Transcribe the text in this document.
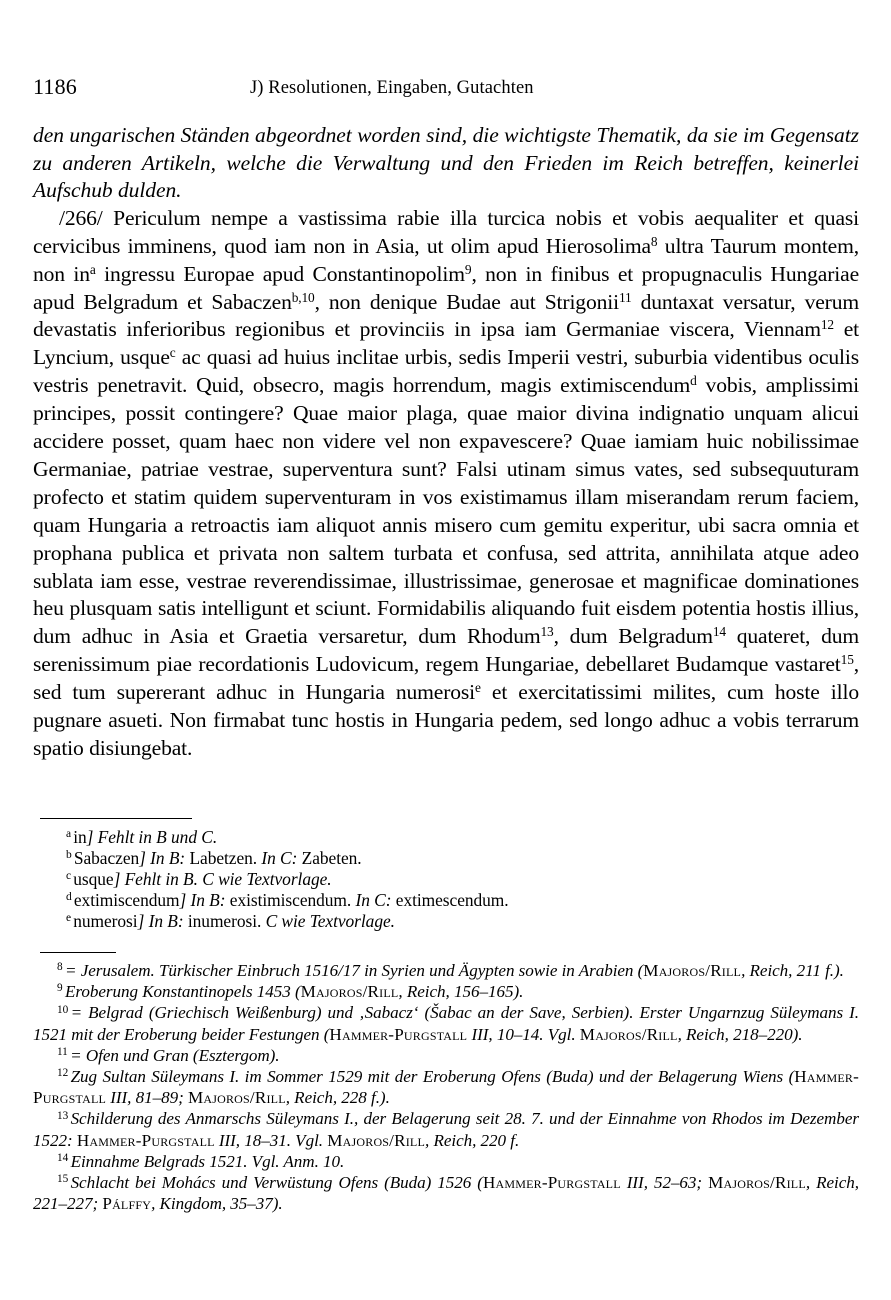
1186	J) Resolutionen, Eingaben, Gutachten

den ungarischen Ständen abgeordnet worden sind, die wichtigste Thematik, da sie im Gegensatz zu anderen Artikeln, welche die Verwaltung und den Frieden im Reich betreffen, keinerlei Aufschub dulden.

/266/ Periculum nempe a vastissima rabie illa turcica nobis et vobis aequaliter et quasi cervicibus imminens, quod iam non in Asia, ut olim apud Hierosolima$^8$ ultra Taurum montem, non $in^a$ ingressu Europae apud Constantinopolim$^9$, non in finibus et propugnaculis Hungariae apud Belgradum et Sabaczen$^{b,10}$, non denique Budae aut Strigonii$^{11}$ duntaxat versatur, verum devastatis inferioribus regionibus et provinciis in ipsa iam Germaniae viscera, Viennam$^{12}$ et Lyncium, usque$^c$ ac quasi ad huius inclitae urbis, sedis Imperii vestri, suburbia videntibus oculis vestris penetravit. Quid, obsecro, magis horrendum, magis extimiscendum$^d$ vobis, amplissimi principes, possit contingere? Quae maior plaga, quae maior divina indignatio unquam alicui accidere posset, quam haec non videre vel non expavescere? Quae iamiam huic nobilissimae Germaniae, patriae vestrae, superventura sunt? Falsi utinam simus vates, sed subsequuturam profecto et statim quidem superventuram in vos existimamus illam miserandam rerum faciem, quam Hungaria a retroactis iam aliquot annis misero cum gemitu experitur, ubi sacra omnia et prophana publica et privata non saltem turbata et confusa, sed attrita, annihilata atque adeo sublata iam esse, vestrae reverendissimae, illustrissimae, generosae et magnificae dominationes heu plusquam satis intelligunt et sciunt. Formidabilis aliquando fuit eisdem potentia hostis illius, dum adhuc in Asia et Graetia versaretur, dum Rhodum$^{13}$, dum Belgradum$^{14}$ quateret, dum serenissimum piae recordationis Ludovicum, regem Hungariae, debellaret Budamque vastaret$^{15}$, sed tum supererant adhuc in Hungaria numerosi$^e$ et exercitatissimi milites, cum hoste illo pugnare asueti. Non firmabat tunc hostis in Hungaria pedem, sed longo adhuc a vobis terrarum spatio disiungebat.

$^a$ in] Fehlt in B und C.

$^b$ Sabaczen] In B: Labetzen. In C: Zabeten.

$^c$ usque] Fehlt in B. C wie Textvorlage.

$^d$ extimiscendum] In B: existimiscendum. In C: extimescendum.

$^e$ numerosi] In B: inumerosi. C wie Textvorlage.

$^8$ = Jerusalem. Türkischer Einbruch 1516/17 in Syrien und Ägypten sowie in Arabien (Majoros/Rill, Reich, 211 f.).

$^9$ Eroberung Konstantinopels 1453 (Majoros/Rill, Reich, 156–165).

$^{10}$ = Belgrad (Griechisch Weißenburg) und ‚Sabacz‘ (Šabac an der Save, Serbien). Erster Ungarnzug Süleymans I. 1521 mit der Eroberung beider Festungen (Hammer-Purgstall III, 10–14. Vgl. Majoros/Rill, Reich, 218–220).

$^{11}$ = Ofen und Gran (Esztergom).

$^{12}$ Zug Sultan Süleymans I. im Sommer 1529 mit der Eroberung Ofens (Buda) und der Belagerung Wiens (Hammer-Purgstall III, 81–89; Majoros/Rill, Reich, 228 f.).

$^{13}$ Schilderung des Anmarschs Süleymans I., der Belagerung seit 28. 7. und der Einnahme von Rhodos im Dezember 1522: Hammer-Purgstall III, 18–31. Vgl. Majoros/Rill, Reich, 220 f.

$^{14}$ Einnahme Belgrads 1521. Vgl. Anm. 10.

$^{15}$ Schlacht bei Mohács und Verwüstung Ofens (Buda) 1526 (Hammer-Purgstall III, 52–63; Majoros/Rill, Reich, 221–227; Pálffy, Kingdom, 35–37).
